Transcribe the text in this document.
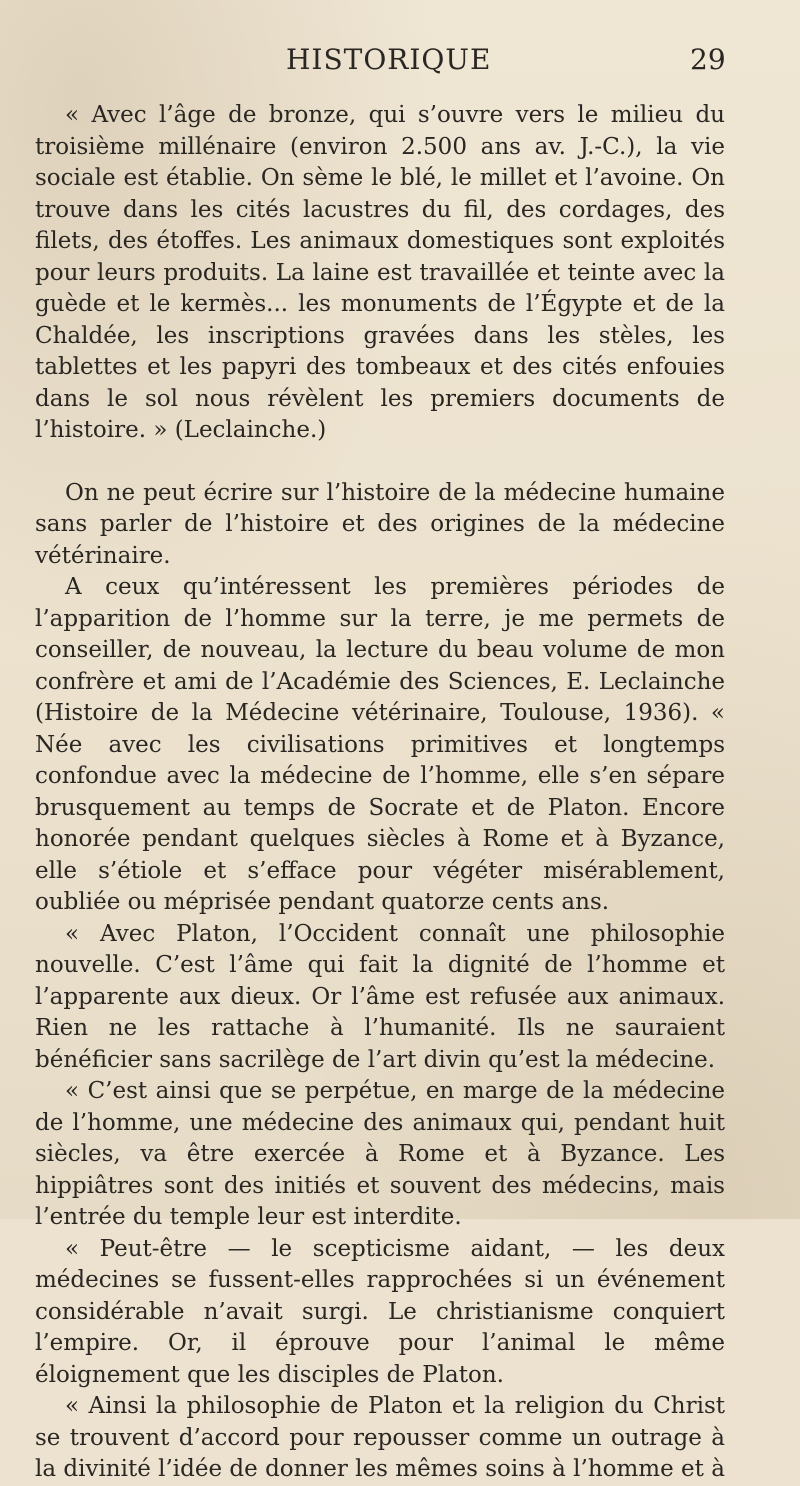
HISTORIQUE	29

« Avec l’âge de bronze, qui s’ouvre vers le milieu du troisième millénaire (environ 2.500 ans av. J.-C.), la vie sociale est établie. On sème le blé, le millet et l’avoine. On trouve dans les cités lacustres du fil, des cordages, des filets, des étoffes. Les animaux domestiques sont exploités pour leurs produits. La laine est travaillée et teinte avec la guède et le kermès... les monuments de l’Égypte et de la Chaldée, les inscriptions gravées dans les stèles, les tablettes et les papyri des tombeaux et des cités enfouies dans le sol nous révèlent les premiers documents de l’histoire. » (Leclainche.)

On ne peut écrire sur l’histoire de la médecine humaine sans parler de l’histoire et des origines de la médecine vétérinaire.

A ceux qu’intéressent les premières périodes de l’apparition de l’homme sur la terre, je me permets de conseiller, de nouveau, la lecture du beau volume de mon confrère et ami de l’Académie des Sciences, E. Leclainche (Histoire de la Médecine vétérinaire, Toulouse, 1936). « Née avec les civilisations primitives et longtemps confondue avec la médecine de l’homme, elle s’en sépare brusquement au temps de Socrate et de Platon. Encore honorée pendant quelques siècles à Rome et à Byzance, elle s’étiole et s’efface pour végéter misérablement, oubliée ou méprisée pendant quatorze cents ans.

« Avec Platon, l’Occident connaît une philosophie nouvelle. C’est l’âme qui fait la dignité de l’homme et l’apparente aux dieux. Or l’âme est refusée aux animaux. Rien ne les rattache à l’humanité. Ils ne sauraient bénéficier sans sacrilège de l’art divin qu’est la médecine.

« C’est ainsi que se perpétue, en marge de la médecine de l’homme, une médecine des animaux qui, pendant huit siècles, va être exercée à Rome et à Byzance. Les hippiâtres sont des initiés et souvent des médecins, mais l’entrée du temple leur est interdite.

« Peut-être — le scepticisme aidant, — les deux médecines se fussent-elles rapprochées si un événement considérable n’avait surgi. Le christianisme conquiert l’empire. Or, il éprouve pour l’animal le même éloignement que les disciples de Platon.

« Ainsi la philosophie de Platon et la religion du Christ se trouvent d’accord pour repousser comme un outrage à la divinité l’idée de donner les mêmes soins à l’homme et à
